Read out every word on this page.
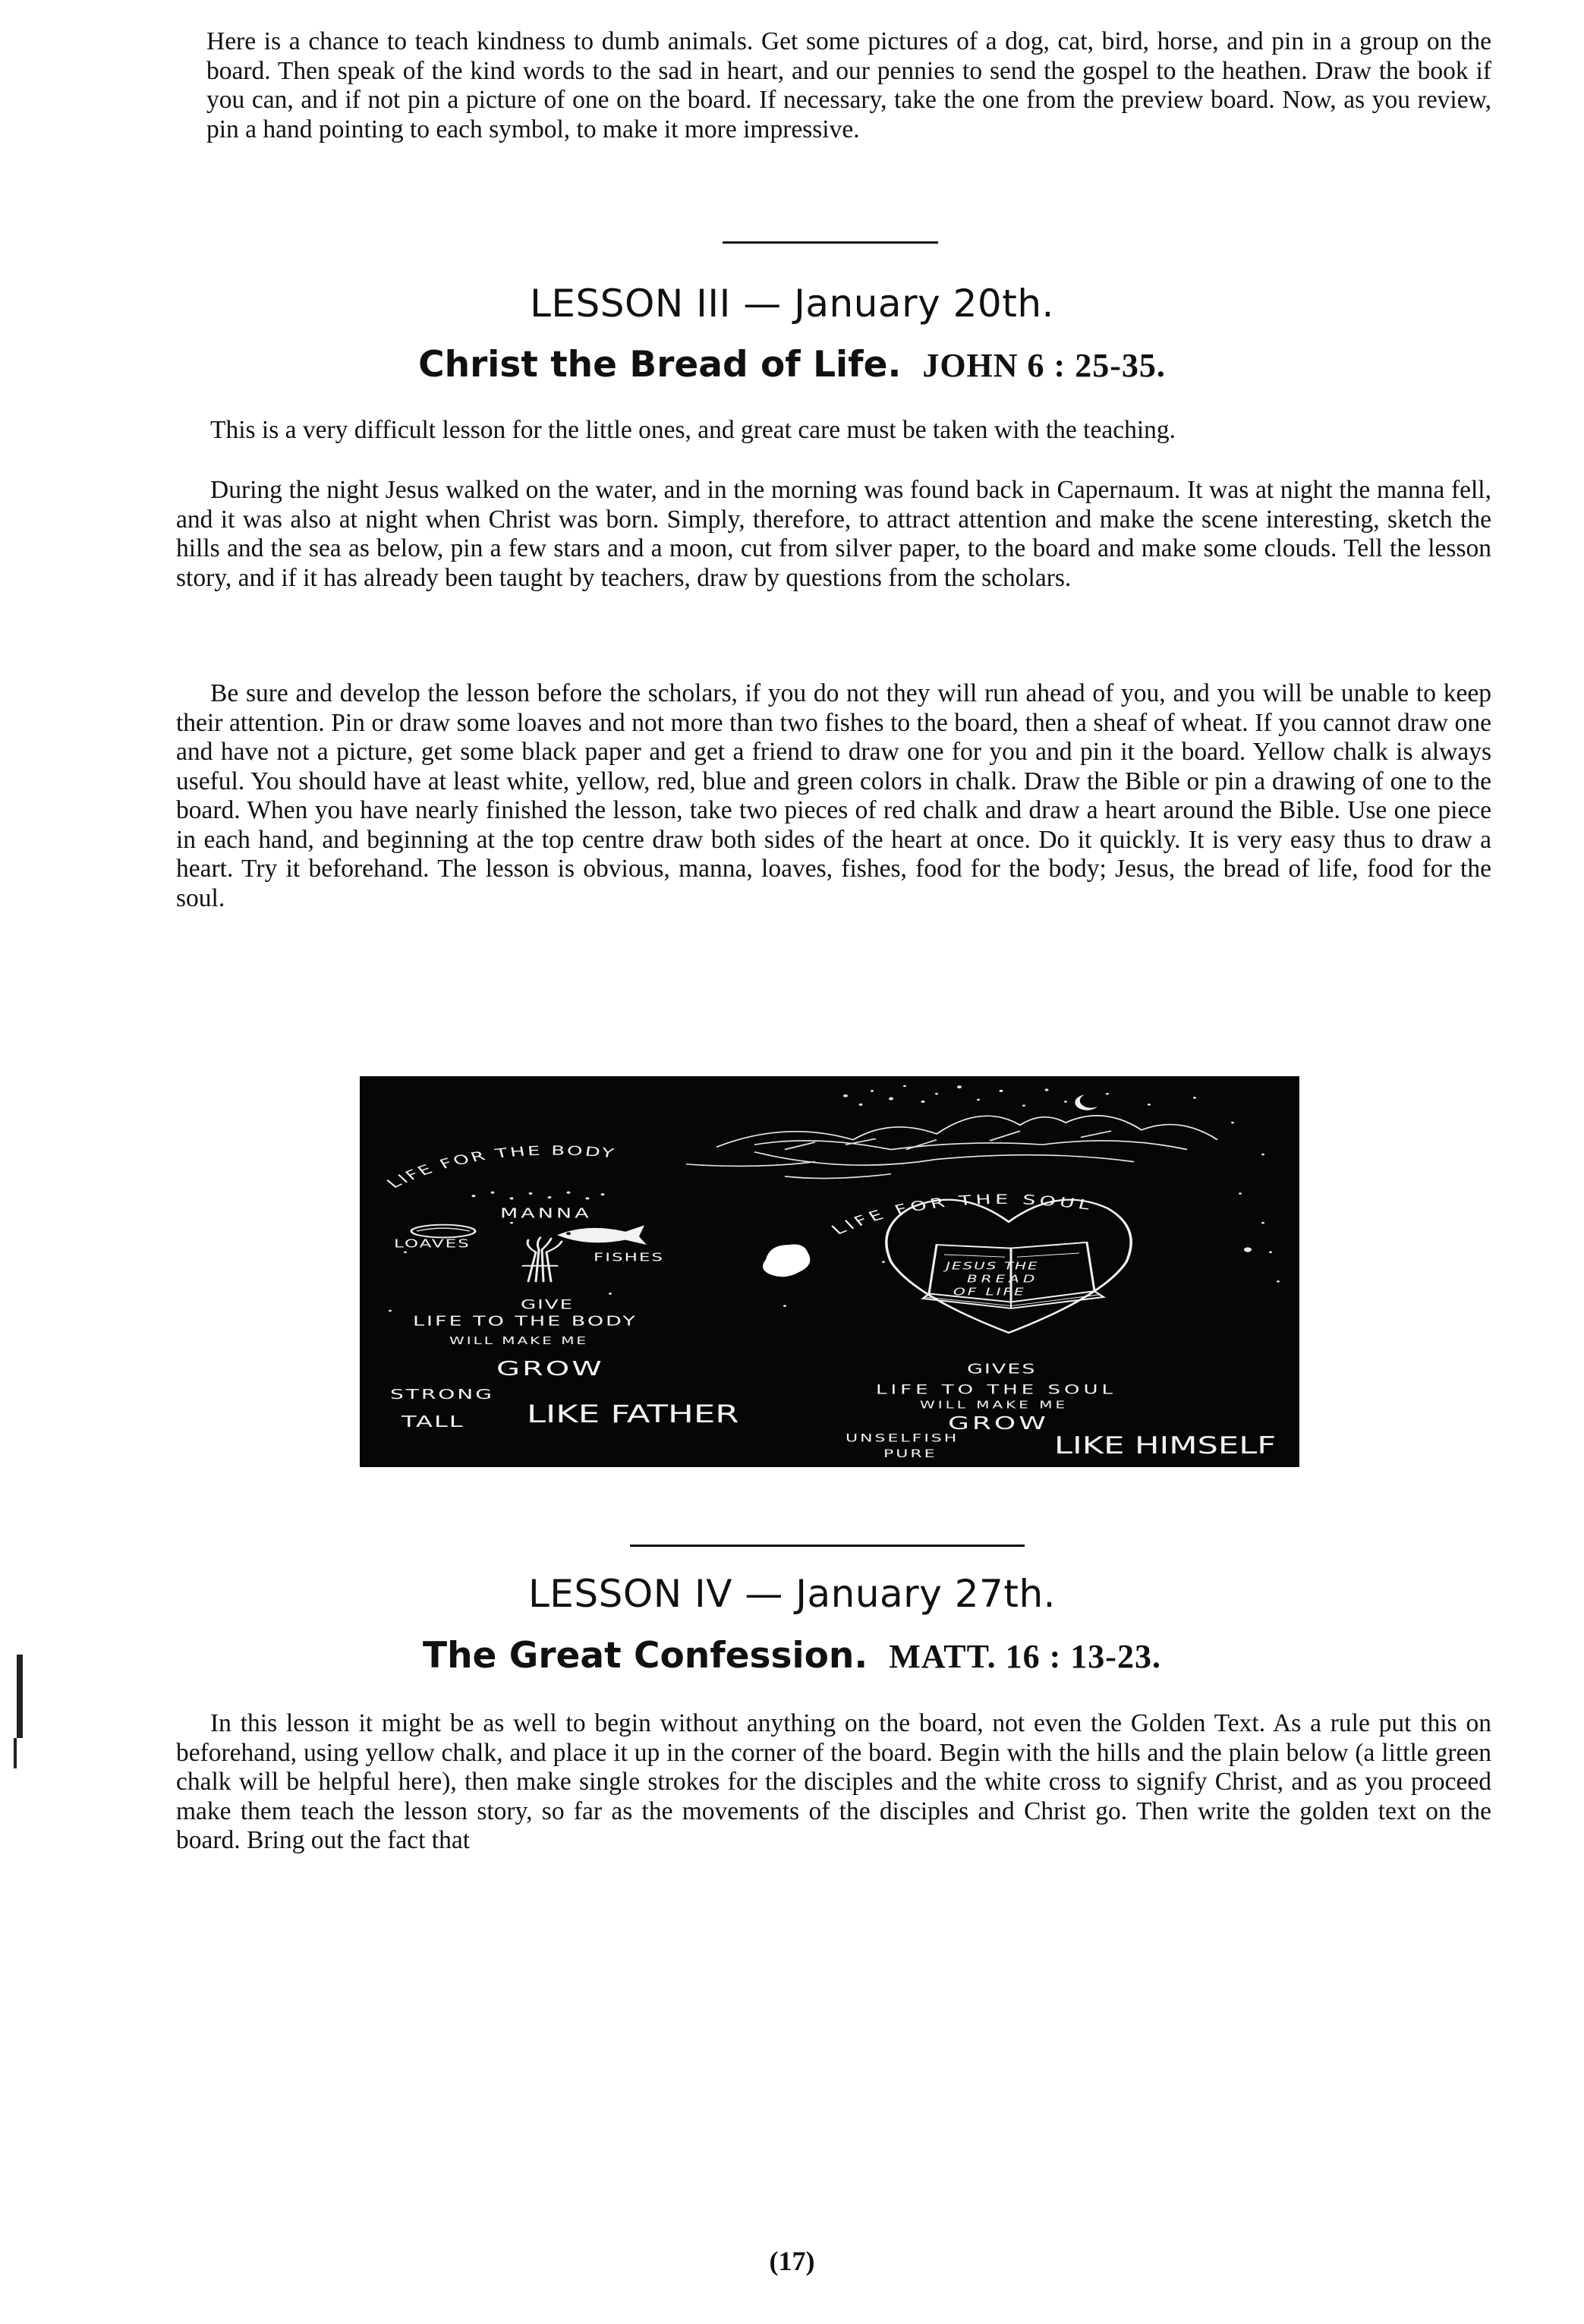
Here is a chance to teach kindness to dumb animals. Get some pictures of a dog, cat, bird, horse, and pin in a group on the board. Then speak of the kind words to the sad in heart, and our pennies to send the gospel to the heathen. Draw the book if you can, and if not pin a picture of one on the board. If necessary, take the one from the preview board. Now, as you review, pin a hand pointing to each symbol, to make it more impressive.

LESSON III — January 20th.
Christ the Bread of Life. JOHN 6 : 25-35.

This is a very difficult lesson for the little ones, and great care must be taken with the teaching.

During the night Jesus walked on the water, and in the morning was found back in Capernaum. It was at night the manna fell, and it was also at night when Christ was born. Simply, therefore, to attract attention and make the scene interesting, sketch the hills and the sea as below, pin a few stars and a moon, cut from silver paper, to the board and make some clouds. Tell the lesson story, and if it has already been taught by teachers, draw by questions from the scholars.

Be sure and develop the lesson before the scholars, if you do not they will run ahead of you, and you will be unable to keep their attention. Pin or draw some loaves and not more than two fishes to the board, then a sheaf of wheat. If you cannot draw one and have not a picture, get some black paper and get a friend to draw one for you and pin it the board. Yellow chalk is always useful. You should have at least white, yellow, red, blue and green colors in chalk. Draw the Bible or pin a drawing of one to the board. When you have nearly finished the lesson, take two pieces of red chalk and draw a heart around the Bible. Use one piece in each hand, and beginning at the top centre draw both sides of the heart at once. Do it quickly. It is very easy thus to draw a heart. Try it beforehand. The lesson is obvious, manna, loaves, fishes, food for the body; Jesus, the bread of life, food for the soul.

LIFE FOR THE BODY
MANNA
LOAVES
FISHES
GIVE
LIFE TO THE BODY
LIFE FOR THE SOUL
JESUS THE
BREAD
OF LIFE
WILL MAKE ME
GROW
STRONG
TALL LIKE FATHER
GIVES
LIFE TO THE SOUL
WILL MAKE ME
GROW
UNSELFISH
PURE	LIKE HIMSELF
LESSON IV — January 27th.
The Great Confession. MATT. 16 : 13-23.

In this lesson it might be as well to begin without anything on the board, not even the Golden Text. As a rule put this on beforehand, using yellow chalk, and place it up in the corner of the board. Begin with the hills and the plain below (a little green chalk will be helpful here), then make single strokes for the disciples and the white cross to signify Christ, and as you proceed make them teach the lesson story, so far as the movements of the disciples and Christ go. Then write the golden text on the board. Bring out the fact that

(17)
